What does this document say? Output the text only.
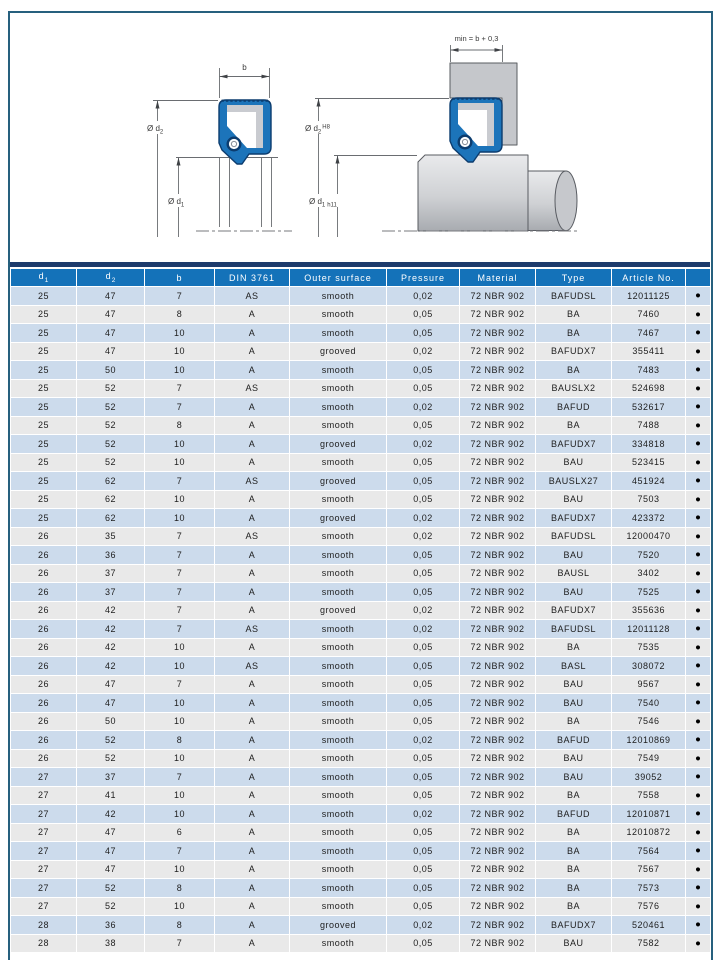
b
Ø $d_2$
Ø $d_1$
min = b + 0,3
Ø $d_2^{H8}$
Ø $d_1$ h11
$d_1$	$d_2$	b	DIN 3761	Outer surface	Pressure	Material	Type	Article No.	
25	47	7	AS	smooth	0,02	72 NBR 902	BAFUDSL	12011125	●
25	47	8	A	smooth	0,05	72 NBR 902	BA	7460	●
25	47	10	A	smooth	0,05	72 NBR 902	BA	7467	●
25	47	10	A	grooved	0,02	72 NBR 902	BAFUDX7	355411	●
25	50	10	A	smooth	0,05	72 NBR 902	BA	7483	●
25	52	7	AS	smooth	0,05	72 NBR 902	BAUSLX2	524698	●
25	52	7	A	smooth	0,02	72 NBR 902	BAFUD	532617	●
25	52	8	A	smooth	0,05	72 NBR 902	BA	7488	●
25	52	10	A	grooved	0,02	72 NBR 902	BAFUDX7	334818	●
25	52	10	A	smooth	0,05	72 NBR 902	BAU	523415	●
25	62	7	AS	grooved	0,05	72 NBR 902	BAUSLX27	451924	●
25	62	10	A	smooth	0,05	72 NBR 902	BAU	7503	●
25	62	10	A	grooved	0,02	72 NBR 902	BAFUDX7	423372	●
26	35	7	AS	smooth	0,02	72 NBR 902	BAFUDSL	12000470	●
26	36	7	A	smooth	0,05	72 NBR 902	BAU	7520	●
26	37	7	A	smooth	0,05	72 NBR 902	BAUSL	3402	●
26	37	7	A	smooth	0,05	72 NBR 902	BAU	7525	●
26	42	7	A	grooved	0,02	72 NBR 902	BAFUDX7	355636	●
26	42	7	AS	smooth	0,02	72 NBR 902	BAFUDSL	12011128	●
26	42	10	A	smooth	0,05	72 NBR 902	BA	7535	●
26	42	10	AS	smooth	0,05	72 NBR 902	BASL	308072	●
26	47	7	A	smooth	0,05	72 NBR 902	BAU	9567	●
26	47	10	A	smooth	0,05	72 NBR 902	BAU	7540	●
26	50	10	A	smooth	0,05	72 NBR 902	BA	7546	●
26	52	8	A	smooth	0,02	72 NBR 902	BAFUD	12010869	●
26	52	10	A	smooth	0,05	72 NBR 902	BAU	7549	●
27	37	7	A	smooth	0,05	72 NBR 902	BAU	39052	●
27	41	10	A	smooth	0,05	72 NBR 902	BA	7558	●
27	42	10	A	smooth	0,02	72 NBR 902	BAFUD	12010871	●
27	47	6	A	smooth	0,05	72 NBR 902	BA	12010872	●
27	47	7	A	smooth	0,05	72 NBR 902	BA	7564	●
27	47	10	A	smooth	0,05	72 NBR 902	BA	7567	●
27	52	8	A	smooth	0,05	72 NBR 902	BA	7573	●
27	52	10	A	smooth	0,05	72 NBR 902	BA	7576	●
28	36	8	A	grooved	0,02	72 NBR 902	BAFUDX7	520461	●
28	38	7	A	smooth	0,05	72 NBR 902	BAU	7582	●
